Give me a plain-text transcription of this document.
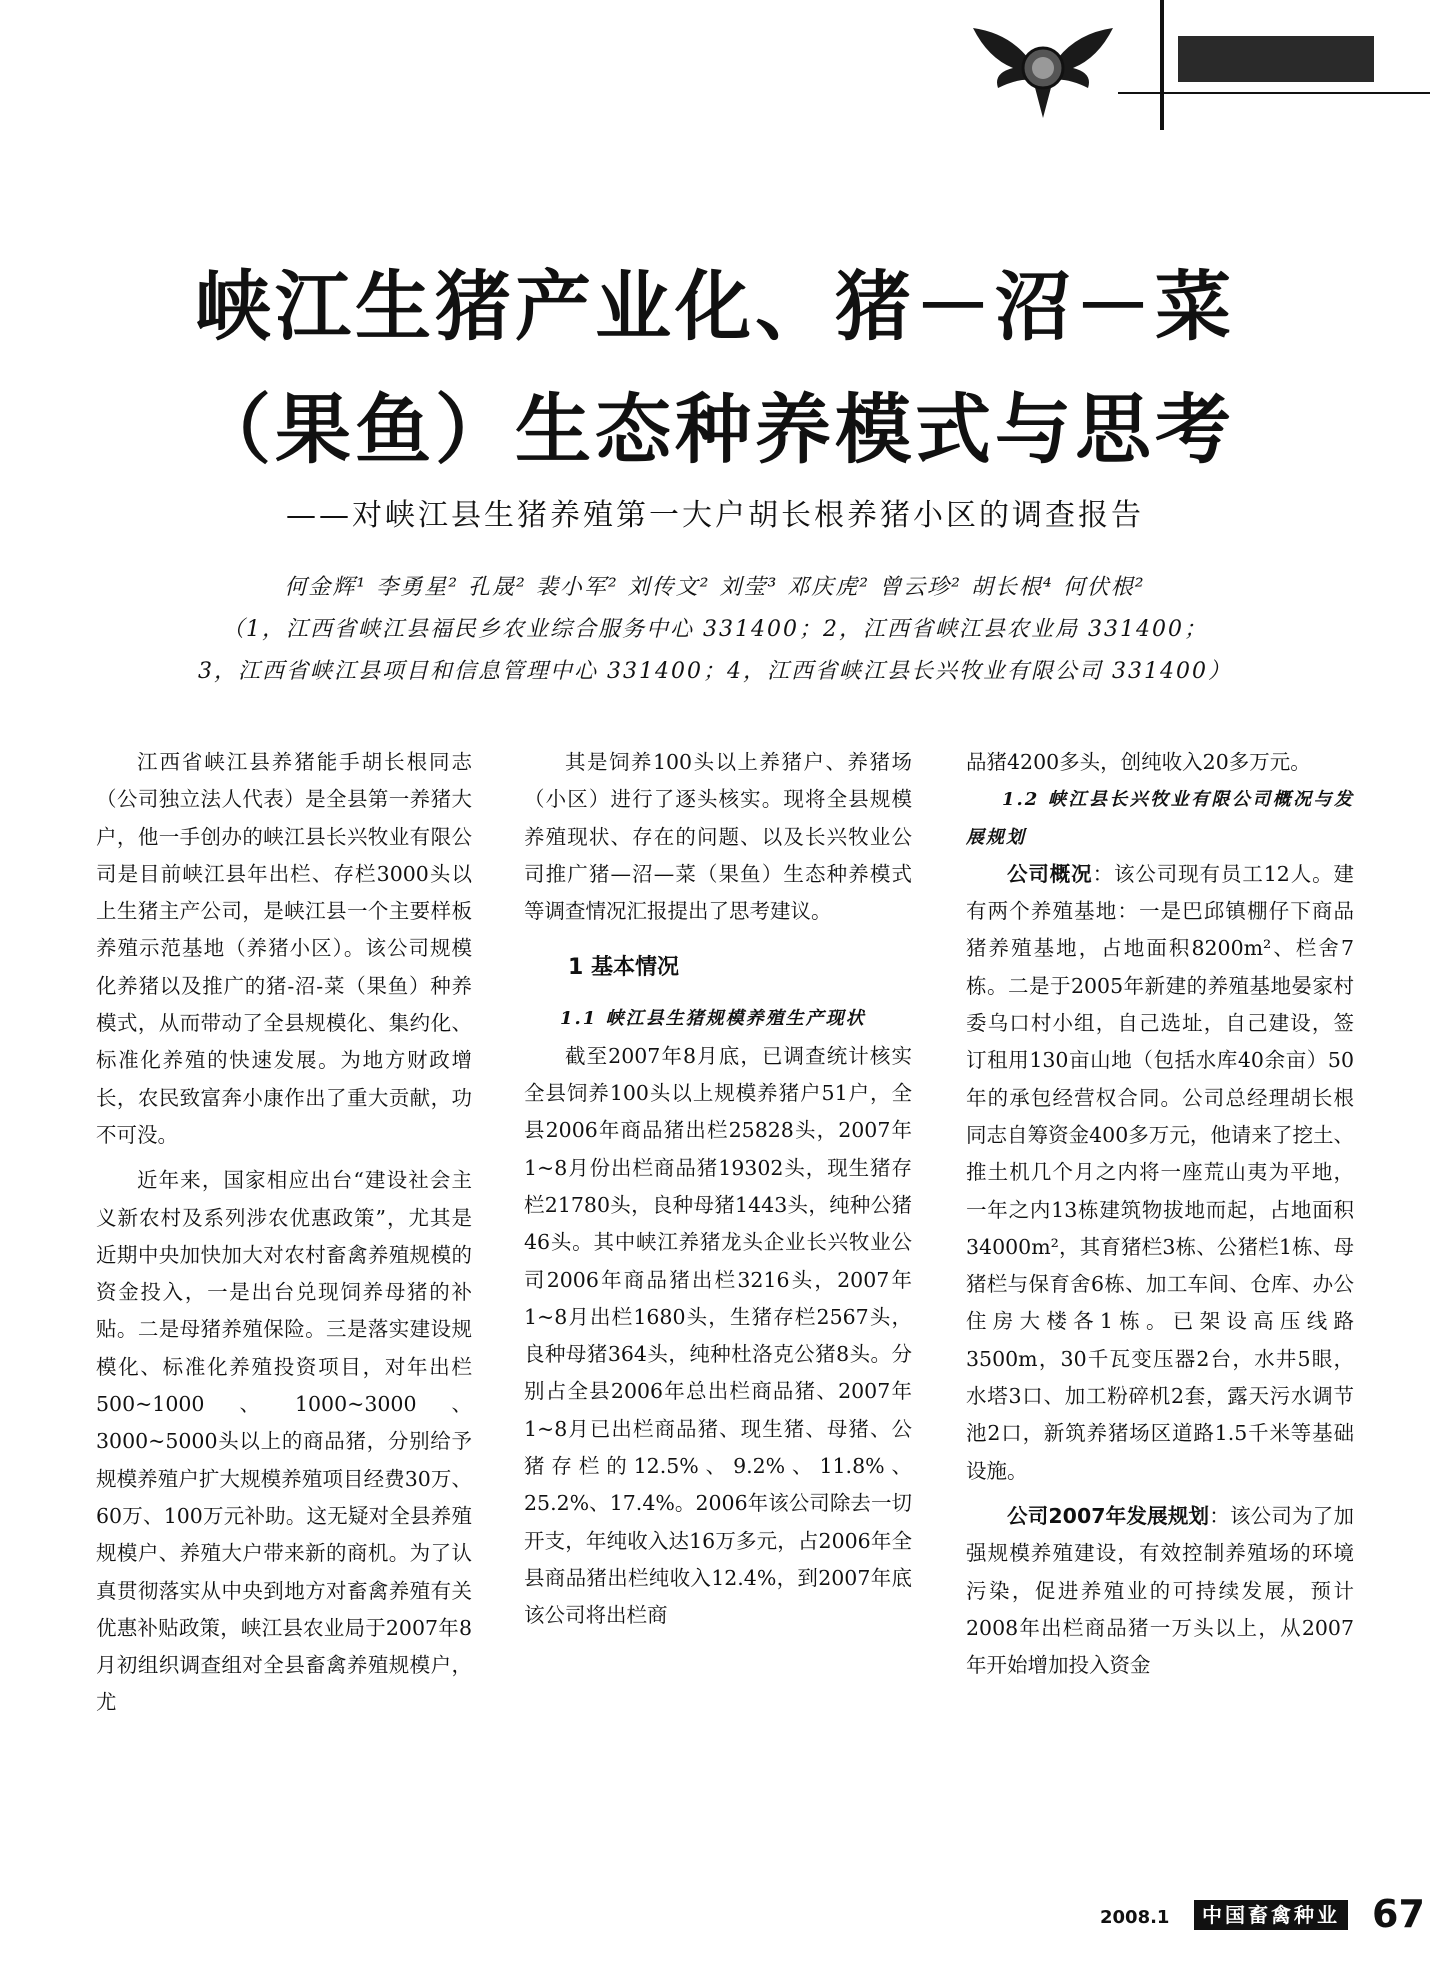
峡江生猪产业化、猪－沼－菜
（果鱼）生态种养模式与思考
——对峡江县生猪养殖第一大户胡长根养猪小区的调查报告
何金辉¹ 李勇星² 孔晟² 裴小军² 刘传文² 刘莹³ 邓庆虎² 曾云珍² 胡长根⁴ 何伏根²
（1，江西省峡江县福民乡农业综合服务中心 331400；2，江西省峡江县农业局 331400；
3，江西省峡江县项目和信息管理中心 331400；4，江西省峡江县长兴牧业有限公司 331400）

江西省峡江县养猪能手胡长根同志（公司独立法人代表）是全县第一养猪大户，他一手创办的峡江县长兴牧业有限公司是目前峡江县年出栏、存栏3000头以上生猪主产公司，是峡江县一个主要样板养殖示范基地（养猪小区）。该公司规模化养猪以及推广的猪-沼-菜（果鱼）种养模式，从而带动了全县规模化、集约化、标准化养殖的快速发展。为地方财政增长，农民致富奔小康作出了重大贡献，功不可没。

近年来，国家相应出台“建设社会主义新农村及系列涉农优惠政策”，尤其是近期中央加快加大对农村畜禽养殖规模的资金投入，一是出台兑现饲养母猪的补贴。二是母猪养殖保险。三是落实建设规模化、标准化养殖投资项目，对年出栏500~1000、1000~3000、3000~5000头以上的商品猪，分别给予规模养殖户扩大规模养殖项目经费30万、60万、100万元补助。这无疑对全县养殖规模户、养殖大户带来新的商机。为了认真贯彻落实从中央到地方对畜禽养殖有关优惠补贴政策，峡江县农业局于2007年8月初组织调查组对全县畜禽养殖规模户，尤

其是饲养100头以上养猪户、养猪场（小区）进行了逐头核实。现将全县规模养殖现状、存在的问题、以及长兴牧业公司推广猪—沼—菜（果鱼）生态种养模式等调查情况汇报提出了思考建议。

1 基本情况
1.1 峡江县生猪规模养殖生产现状

截至2007年8月底，已调查统计核实全县饲养100头以上规模养猪户51户，全县2006年商品猪出栏25828头，2007年1~8月份出栏商品猪19302头，现生猪存栏21780头，良种母猪1443头，纯种公猪46头。其中峡江养猪龙头企业长兴牧业公司2006年商品猪出栏3216头，2007年1~8月出栏1680头，生猪存栏2567头，良种母猪364头，纯种杜洛克公猪8头。分别占全县2006年总出栏商品猪、2007年1~8月已出栏商品猪、现生猪、母猪、公猪存栏的12.5%、9.2%、11.8%、25.2%、17.4%。2006年该公司除去一切开支，年纯收入达16万多元，占2006年全县商品猪出栏纯收入12.4%，到2007年底该公司将出栏商

品猪4200多头，创纯收入20多万元。

1.2 峡江县长兴牧业有限公司概况与发展规划

公司概况：该公司现有员工12人。建有两个养殖基地：一是巴邱镇棚仔下商品猪养殖基地，占地面积8200m²、栏舍7栋。二是于2005年新建的养殖基地晏家村委乌口村小组，自己选址，自己建设，签订租用130亩山地（包括水库40余亩）50年的承包经营权合同。公司总经理胡长根同志自筹资金400多万元，他请来了挖土、推土机几个月之内将一座荒山夷为平地，一年之内13栋建筑物拔地而起，占地面积34000m²，其育猪栏3栋、公猪栏1栋、母猪栏与保育舍6栋、加工车间、仓库、办公住房大楼各1栋。已架设高压线路3500m，30千瓦变压器2台，水井5眼，水塔3口、加工粉碎机2套，露天污水调节池2口，新筑养猪场区道路1.5千米等基础设施。

公司2007年发展规划：该公司为了加强规模养殖建设，有效控制养殖场的环境污染，促进养殖业的可持续发展，预计2008年出栏商品猪一万头以上，从2007年开始增加投入资金

2008.1	中国畜禽种业 67
